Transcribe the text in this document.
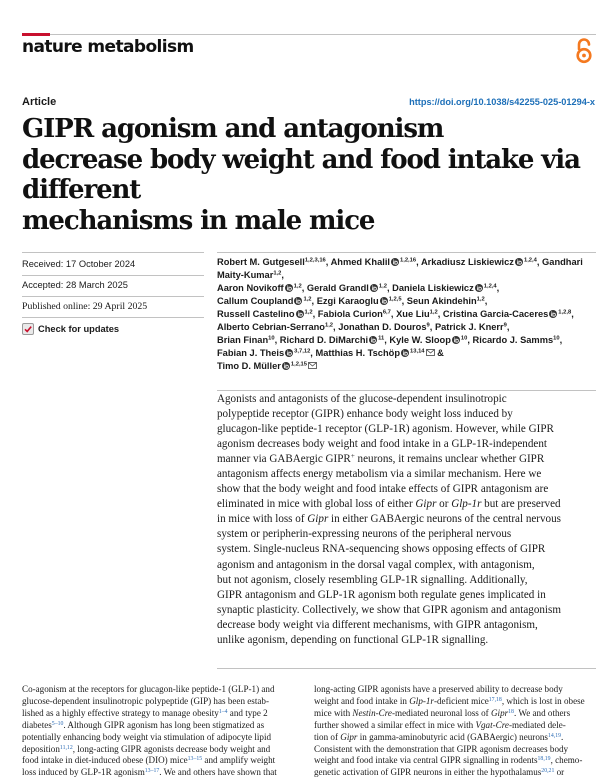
nature metabolism
Article	https://doi.org/10.1038/s42255-025-01294-x
GIPR agonism and antagonism
decrease body weight and food intake via different
mechanisms in male mice
Received: 17 October 2024
Accepted: 28 March 2025
Published online: 29 April 2025
Check for updates
Robert M. Gutgesell$^{1,2,3,16}$, Ahmed Khalil $^{1,2,16}$, Arkadiusz Liskiewicz $^{1,2,4}$, Gandhari Maity-Kumar$^{1,2}$,
Aaron Novikoff $^{1,2}$, Gerald Grandl $^{1,2}$, Daniela Liskiewicz $^{1,2,4}$,
Callum Coupland $^{1,2}$, Ezgi Karaoglu $^{1,2,5}$, Seun Akindehin$^{1,2}$,
Russell Castelino $^{1,2}$, Fabiola Curion$^{6,7}$, Xue Liu$^{1,2}$, Cristina Garcia-Caceres $^{1,2,8}$,
Alberto Cebrian-Serrano$^{1,2}$, Jonathan D. Douros$^9$, Patrick J. Knerr$^9$,
Brian Finan$^{10}$, Richard D. DiMarchi $^{11}$, Kyle W. Sloop $^{10}$, Ricardo J. Samms$^{10}$,
Fabian J. Theis $^{3,7,12}$, Matthias H. Tschöp $^{13,14}$ &
Timo D. Müller $^{1,2,15}$
Agonists and antagonists of the glucose-dependent insulinotropic
polypeptide receptor (GIPR) enhance body weight loss induced by
glucagon-like peptide-1 receptor (GLP-1R) agonism. However, while GIPR
agonism decreases body weight and food intake in a GLP-1R-independent
manner via GABAergic GIPR+ neurons, it remains unclear whether GIPR
antagonism affects energy metabolism via a similar mechanism. Here we
show that the body weight and food intake effects of GIPR antagonism are
eliminated in mice with global loss of either Gipr or Glp-1r but are preserved
in mice with loss of Gipr in either GABAergic neurons of the central nervous
system or peripherin-expressing neurons of the peripheral nervous
system. Single-nucleus RNA-sequencing shows opposing effects of GIPR
agonism and antagonism in the dorsal vagal complex, with antagonism,
but not agonism, closely resembling GLP-1R signalling. Additionally,
GIPR antagonism and GLP-1R agonism both regulate genes implicated in
synaptic plasticity. Collectively, we show that GIPR agonism and antagonism
decrease body weight via different mechanisms, with GIPR antagonism,
unlike agonism, depending on functional GLP-1R signalling.
Co-agonism at the receptors for glucagon-like peptide-1 (GLP-1) and
glucose-dependent insulinotropic polypeptide (GIP) has been estab-
lished as a highly effective strategy to manage obesity$^{1-4}$ and type 2
diabetes$^{5-10}$. Although GIPR agonism has long been stigmatized as
potentially enhancing body weight via stimulation of adipocyte lipid
deposition$^{11,12}$, long-acting GIPR agonists decrease body weight and
food intake in diet-induced obese (DIO) mice$^{13-15}$ and amplify weight
loss induced by GLP-1R agonism$^{13-17}$. We and others have shown that
long-acting GIPR agonists have a preserved ability to decrease body
weight and food intake in Glp-1r-deficient mice$^{17,18}$, which is lost in obese
mice with Nestin-Cre-mediated neuronal loss of Gipr$^{18}$. We and others
further showed a similar effect in mice with Vgat-Cre-mediated dele-
tion of Gipr in gamma-aminobutyric acid (GABAergic) neurons$^{14,19}$.
Consistent with the demonstration that GIPR agonism decreases body
weight and food intake via central GIPR signalling in rodents$^{18,19}$, chemo-
genetic activation of GIPR neurons in either the hypothalamus$^{20,21}$ or
